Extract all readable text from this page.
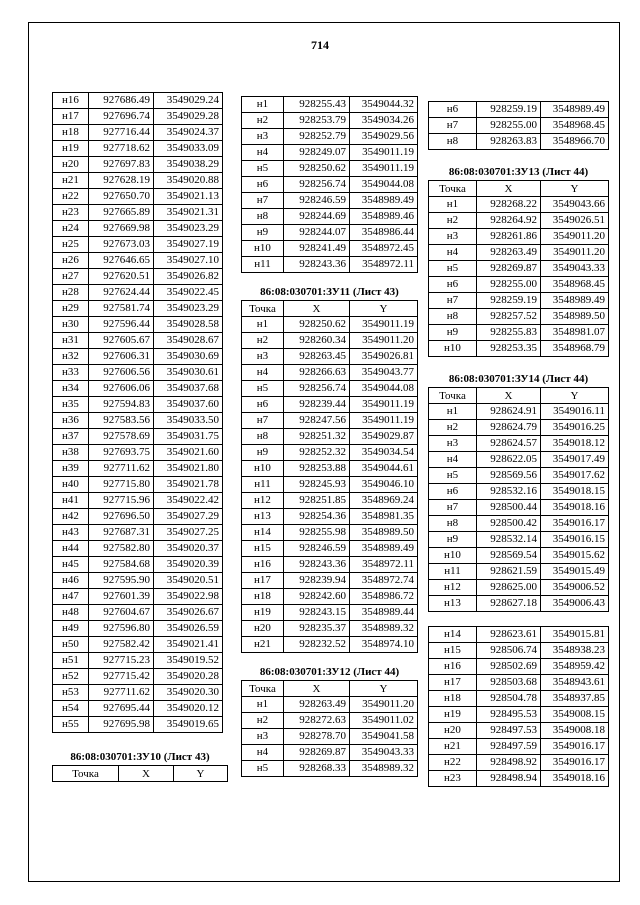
714
н16	927686.49	3549029.24
н17	927696.74	3549029.28
н18	927716.44	3549024.37
н19	927718.62	3549033.09
н20	927697.83	3549038.29
н21	927628.19	3549020.88
н22	927650.70	3549021.13
н23	927665.89	3549021.31
н24	927669.98	3549023.29
н25	927673.03	3549027.19
н26	927646.65	3549027.10
н27	927620.51	3549026.82
н28	927624.44	3549022.45
н29	927581.74	3549023.29
н30	927596.44	3549028.58
н31	927605.67	3549028.67
н32	927606.31	3549030.69
н33	927606.56	3549030.61
н34	927606.06	3549037.68
н35	927594.83	3549037.60
н36	927583.56	3549033.50
н37	927578.69	3549031.75
н38	927693.75	3549021.60
н39	927711.62	3549021.80
н40	927715.80	3549021.78
н41	927715.96	3549022.42
н42	927696.50	3549027.29
н43	927687.31	3549027.25
н44	927582.80	3549020.37
н45	927584.68	3549020.39
н46	927595.90	3549020.51
н47	927601.39	3549022.98
н48	927604.67	3549026.67
н49	927596.80	3549026.59
н50	927582.42	3549021.41
н51	927715.23	3549019.52
н52	927715.42	3549020.28
н53	927711.62	3549020.30
н54	927695.44	3549020.12
н55	927695.98	3549019.65

86:08:030701:ЗУ10 (Лист 43)

Точка	X	Y
н1	928255.43	3549044.32
н2	928253.79	3549034.26
н3	928252.79	3549029.56
н4	928249.07	3549011.19
н5	928250.62	3549011.19
н6	928256.74	3549044.08
н7	928246.59	3548989.49
н8	928244.69	3548989.46
н9	928244.07	3548986.44
н10	928241.49	3548972.45
н11	928243.36	3548972.11

86:08:030701:ЗУ11 (Лист 43)

Точка	X	Y
н1	928250.62	3549011.19
н2	928260.34	3549011.20
н3	928263.45	3549026.81
н4	928266.63	3549043.77
н5	928256.74	3549044.08
н6	928239.44	3549011.19
н7	928247.56	3549011.19
н8	928251.32	3549029.87
н9	928252.32	3549034.54
н10	928253.88	3549044.61
н11	928245.93	3549046.10
н12	928251.85	3548969.24
н13	928254.36	3548981.35
н14	928255.98	3548989.50
н15	928246.59	3548989.49
н16	928243.36	3548972.11
н17	928239.94	3548972.74
н18	928242.60	3548986.72
н19	928243.15	3548989.44
н20	928235.37	3548989.32
н21	928232.52	3548974.10

86:08:030701:ЗУ12 (Лист 44)

Точка	X	Y
н1	928263.49	3549011.20
н2	928272.63	3549011.02
н3	928278.70	3549041.58
н4	928269.87	3549043.33
н5	928268.33	3548989.32
н6	928259.19	3548989.49
н7	928255.00	3548968.45
н8	928263.83	3548966.70

86:08:030701:ЗУ13 (Лист 44)

Точка	X	Y
н1	928268.22	3549043.66
н2	928264.92	3549026.51
н3	928261.86	3549011.20
н4	928263.49	3549011.20
н5	928269.87	3549043.33
н6	928255.00	3548968.45
н7	928259.19	3548989.49
н8	928257.52	3548989.50
н9	928255.83	3548981.07
н10	928253.35	3548968.79

86:08:030701:ЗУ14 (Лист 44)

Точка	X	Y
н1	928624.91	3549016.11
н2	928624.79	3549016.25
н3	928624.57	3549018.12
н4	928622.05	3549017.49
н5	928569.56	3549017.62
н6	928532.16	3549018.15
н7	928500.44	3549018.16
н8	928500.42	3549016.17
н9	928532.14	3549016.15
н10	928569.54	3549015.62
н11	928621.59	3549015.49
н12	928625.00	3549006.52
н13	928627.18	3549006.43
н14	928623.61	3549015.81
н15	928506.74	3548938.23
н16	928502.69	3548959.42
н17	928503.68	3548943.61
н18	928504.78	3548937.85
н19	928495.53	3549008.15
н20	928497.53	3549008.18
н21	928497.59	3549016.17
н22	928498.92	3549016.17
н23	928498.94	3549018.16
